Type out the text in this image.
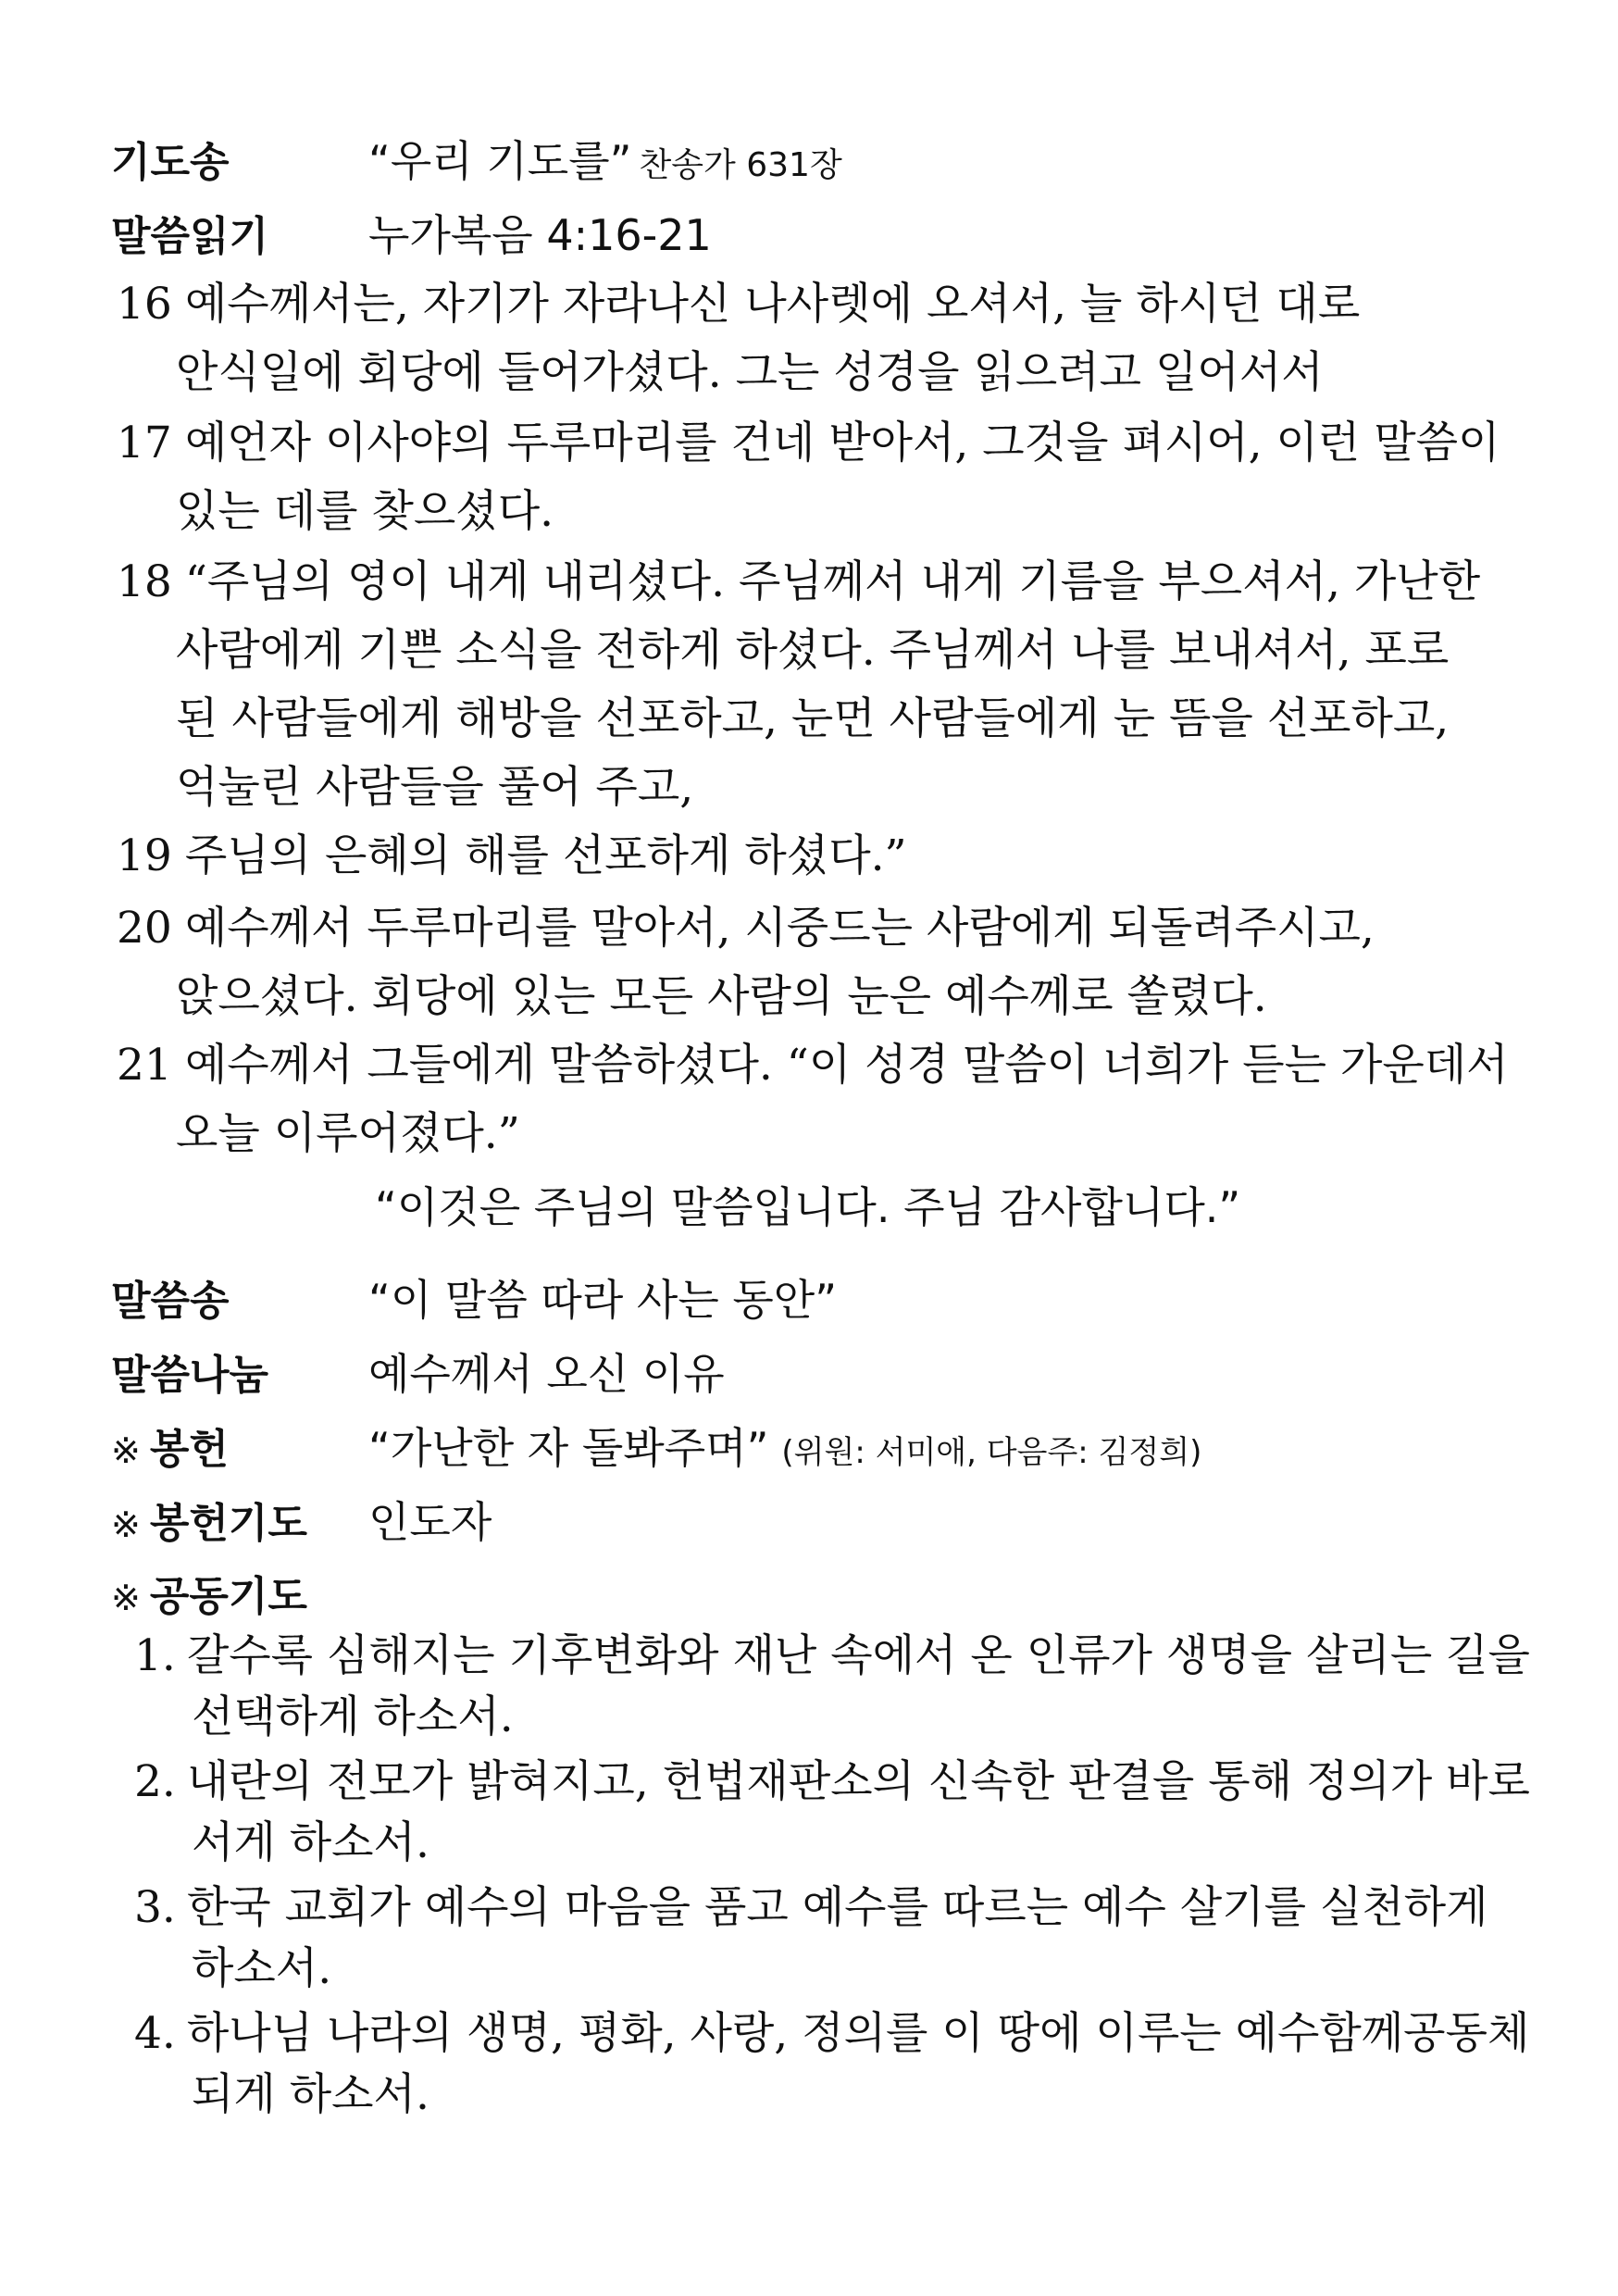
기도송	“우리 기도를” 찬송가 631장
말씀읽기	누가복음 4:16-21
16 예수께서는, 자기가 자라나신 나사렛에 오셔서, 늘 하시던 대로
안식일에 회당에 들어가셨다. 그는 성경을 읽으려고 일어서서
17 예언자 이사야의 두루마리를 건네 받아서, 그것을 펴시어, 이런 말씀이
있는 데를 찾으셨다.
18 “주님의 영이 내게 내리셨다. 주님께서 내게 기름을 부으셔서, 가난한
사람에게 기쁜 소식을 전하게 하셨다. 주님께서 나를 보내셔서, 포로
된 사람들에게 해방을 선포하고, 눈먼 사람들에게 눈 뜸을 선포하고,
억눌린 사람들을 풀어 주고,
19 주님의 은혜의 해를 선포하게 하셨다.”
20 예수께서 두루마리를 말아서, 시중드는 사람에게 되돌려주시고,
앉으셨다. 회당에 있는 모든 사람의 눈은 예수께로 쏠렸다.
21 예수께서 그들에게 말씀하셨다. “이 성경 말씀이 너희가 듣는 가운데서
오늘 이루어졌다.”
“이것은 주님의 말씀입니다. 주님 감사합니다.”
말씀송	“이 말씀 따라 사는 동안”
말씀나눔	예수께서 오신 이유
※ 봉헌	“가난한 자 돌봐주며” (위원: 서미애, 다음주: 김정희)
※ 봉헌기도	인도자
※ 공동기도
1. 갈수록 심해지는 기후변화와 재난 속에서 온 인류가 생명을 살리는 길을
선택하게 하소서.
2. 내란의 전모가 밝혀지고, 헌법재판소의 신속한 판결을 통해 정의가 바로
서게 하소서.
3. 한국 교회가 예수의 마음을 품고 예수를 따르는 예수 살기를 실천하게
하소서.
4. 하나님 나라의 생명, 평화, 사랑, 정의를 이 땅에 이루는 예수함께공동체
되게 하소서.
